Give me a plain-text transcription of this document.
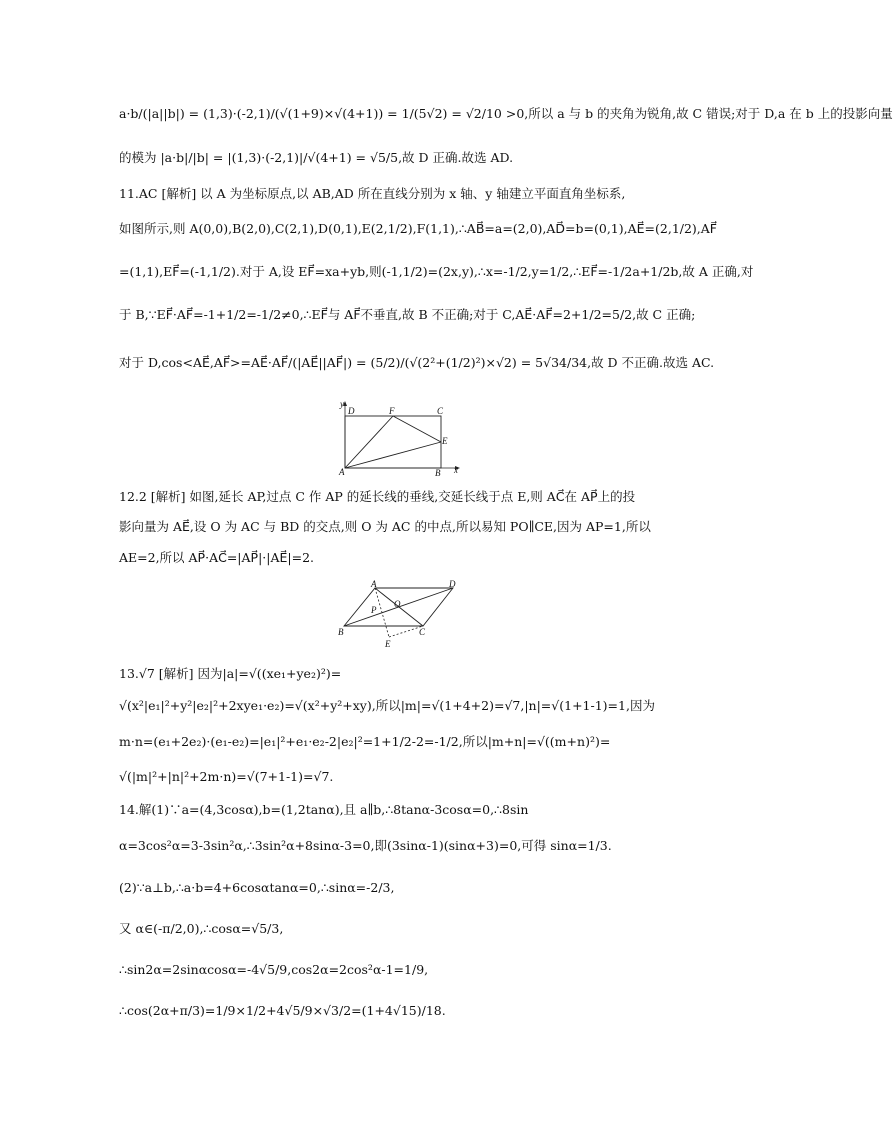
a·b/(|a||b|) = (1,3)·(-2,1)/(√(1+9)×√(4+1)) = 1/(5√2) = √2/10 >0,所以 a 与 b 的夹角为锐角,故 C 错误;对于 D,a 在 b 上的投影向量
的模为 |a·b|/|b| = |(1,3)·(-2,1)|/√(4+1) = √5/5,故 D 正确.故选 AD.
11.AC [解析] 以 A 为坐标原点,以 AB,AD 所在直线分别为 x 轴、y 轴建立平面直角坐标系,
如图所示,则 A(0,0),B(2,0),C(2,1),D(0,1),E(2,1/2),F(1,1),∴AB⃗=a=(2,0),AD⃗=b=(0,1),AE⃗=(2,1/2),AF⃗
=(1,1),EF⃗=(-1,1/2).对于 A,设 EF⃗=xa+yb,则(-1,1/2)=(2x,y),∴x=-1/2,y=1/2,∴EF⃗=-1/2a+1/2b,故 A 正确,对
于 B,∵EF⃗·AF⃗=-1+1/2=-1/2≠0,∴EF⃗与 AF⃗不垂直,故 B 不正确;对于 C,AE⃗·AF⃗=2+1/2=5/2,故 C 正确;
对于 D,cos<AE⃗,AF⃗>=AE⃗·AF⃗/(|AE⃗||AF⃗|) = (5/2)/(√(2²+(1/2)²)×√2) = 5√34/34,故 D 不正确.故选 AC.
12.2 [解析] 如图,延长 AP,过点 C 作 AP 的延长线的垂线,交延长线于点 E,则 AC⃗在 AP⃗上的投
影向量为 AE⃗,设 O 为 AC 与 BD 的交点,则 O 为 AC 的中点,所以易知 PO∥CE,因为 AP=1,所以
AE=2,所以 AP⃗·AC⃗=|AP⃗|·|AE⃗|=2.
13.√7 [解析] 因为|a|=√((xe₁+ye₂)²)=
√(x²|e₁|²+y²|e₂|²+2xye₁·e₂)=√(x²+y²+xy),所以|m|=√(1+4+2)=√7,|n|=√(1+1-1)=1,因为
m·n=(e₁+2e₂)·(e₁-e₂)=|e₁|²+e₁·e₂-2|e₂|²=1+1/2-2=-1/2,所以|m+n|=√((m+n)²)=
√(|m|²+|n|²+2m·n)=√(7+1-1)=√7.
14.解(1)∵a=(4,3cosα),b=(1,2tanα),且 a∥b,∴8tanα-3cosα=0,∴8sin
α=3cos²α=3-3sin²α,∴3sin²α+8sinα-3=0,即(3sinα-1)(sinα+3)=0,可得 sinα=1/3.
(2)∵a⊥b,∴a·b=4+6cosαtanα=0,∴sinα=-2/3,
又 α∈(-π/2,0),∴cosα=√5/3,
∴sin2α=2sinαcosα=-4√5/9,cos2α=2cos²α-1=1/9,
∴cos(2α+π/3)=1/9×1/2+4√5/9×√3/2=(1+4√15)/18.
y
D	F	C
E
A	B x
A	D
P
O
B	C
E
